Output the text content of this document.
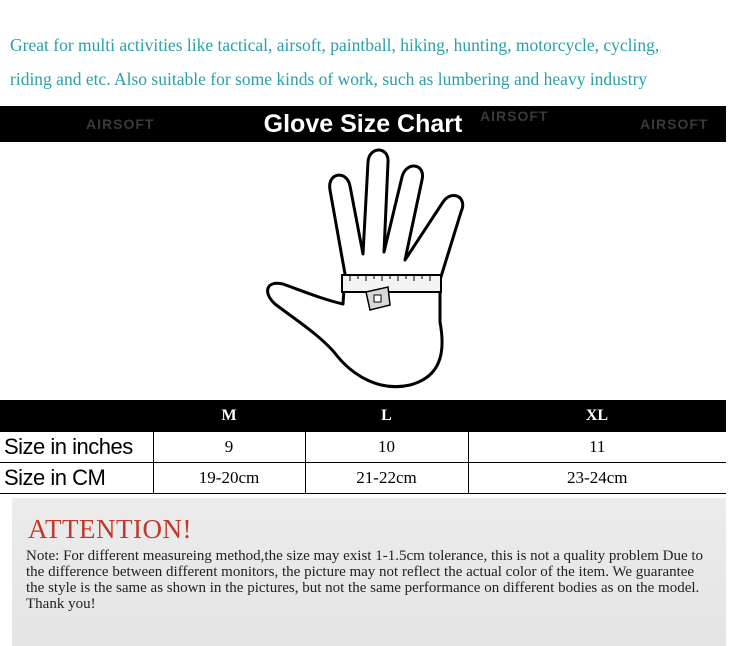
Great for multi activities like tactical, airsoft, paintball, hiking, hunting, motorcycle, cycling,

riding and etc. Also suitable for some kinds of work, such as lumbering and heavy industry

AIRSOFT	Glove Size Chart AIRSOFT	AIRSOFT
	M	L	XL
Size in inches	9	10	11
Size in CM	19-20cm	21-22cm	23-24cm
ATTENTION!

Note: For different measureing method,the size may exist 1-1.5cm tolerance, this is not a quality problem Due to the difference between different monitors, the picture may not reflect the actual color of the item. We guarantee the style is the same as shown in the pictures, but not the same performance on different bodies as on the model. Thank you!
